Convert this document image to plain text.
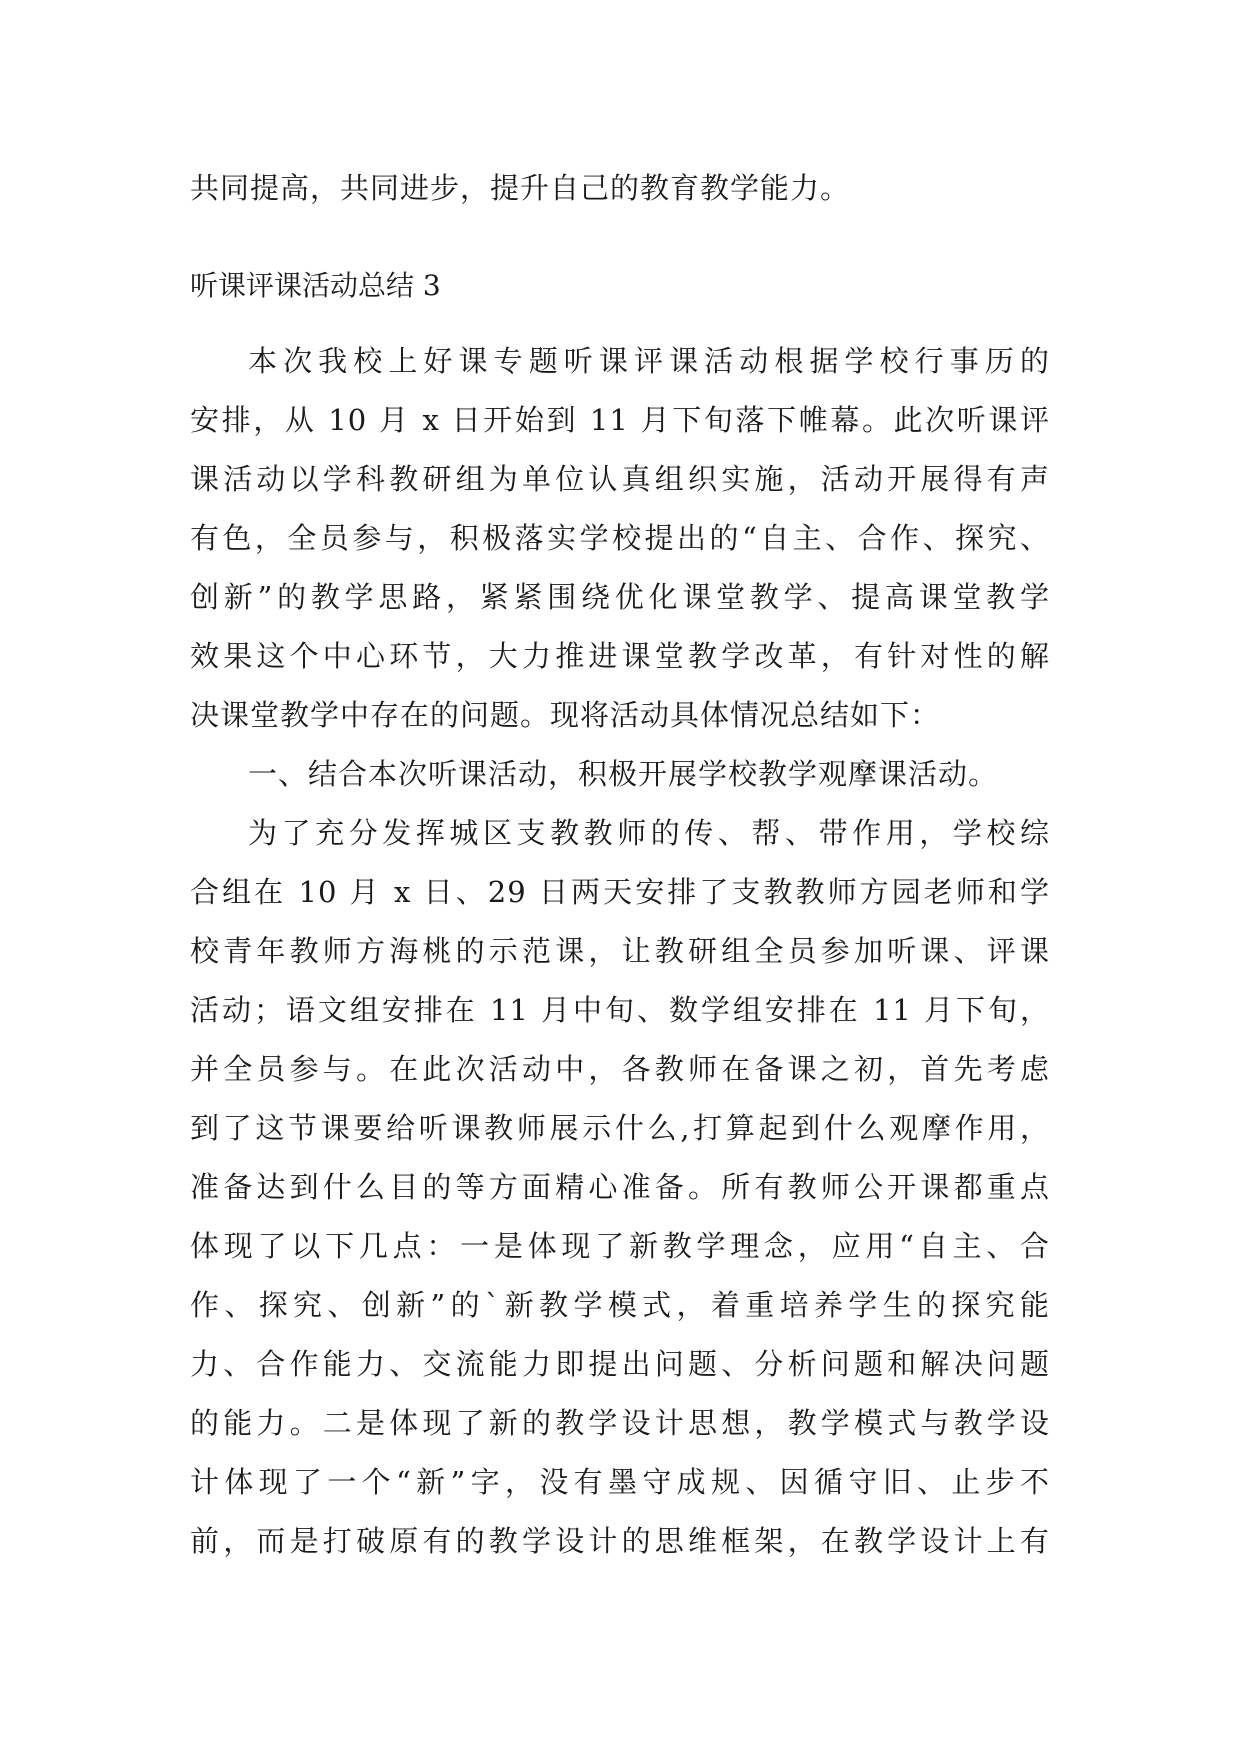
共同提高，共同进步，提升自己的教育教学能力。
听课评课活动总结 3
本次我校上好课专题听课评课活动根据学校行事历的
安排，从 10 月 x 日开始到 11 月下旬落下帷幕。此次听课评
课活动以学科教研组为单位认真组织实施，活动开展得有声
有色，全员参与，积极落实学校提出的“自主、合作、探究、
创新”的教学思路，紧紧围绕优化课堂教学、提高课堂教学
效果这个中心环节，大力推进课堂教学改革，有针对性的解
决课堂教学中存在的问题。现将活动具体情况总结如下：
一、结合本次听课活动，积极开展学校教学观摩课活动。
为了充分发挥城区支教教师的传、帮、带作用，学校综
合组在 10 月 x 日、29 日两天安排了支教教师方园老师和学
校青年教师方海桃的示范课，让教研组全员参加听课、评课
活动；语文组安排在 11 月中旬、数学组安排在 11 月下旬，
并全员参与。在此次活动中，各教师在备课之初，首先考虑
到了这节课要给听课教师展示什么,打算起到什么观摩作用，
准备达到什么目的等方面精心准备。所有教师公开课都重点
体现了以下几点：一是体现了新教学理念，应用“自主、合
作、探究、创新”的`新教学模式，着重培养学生的探究能
力、合作能力、交流能力即提出问题、分析问题和解决问题
的能力。二是体现了新的教学设计思想，教学模式与教学设
计体现了一个“新”字，没有墨守成规、因循守旧、止步不
前，而是打破原有的教学设计的思维框架，在教学设计上有
